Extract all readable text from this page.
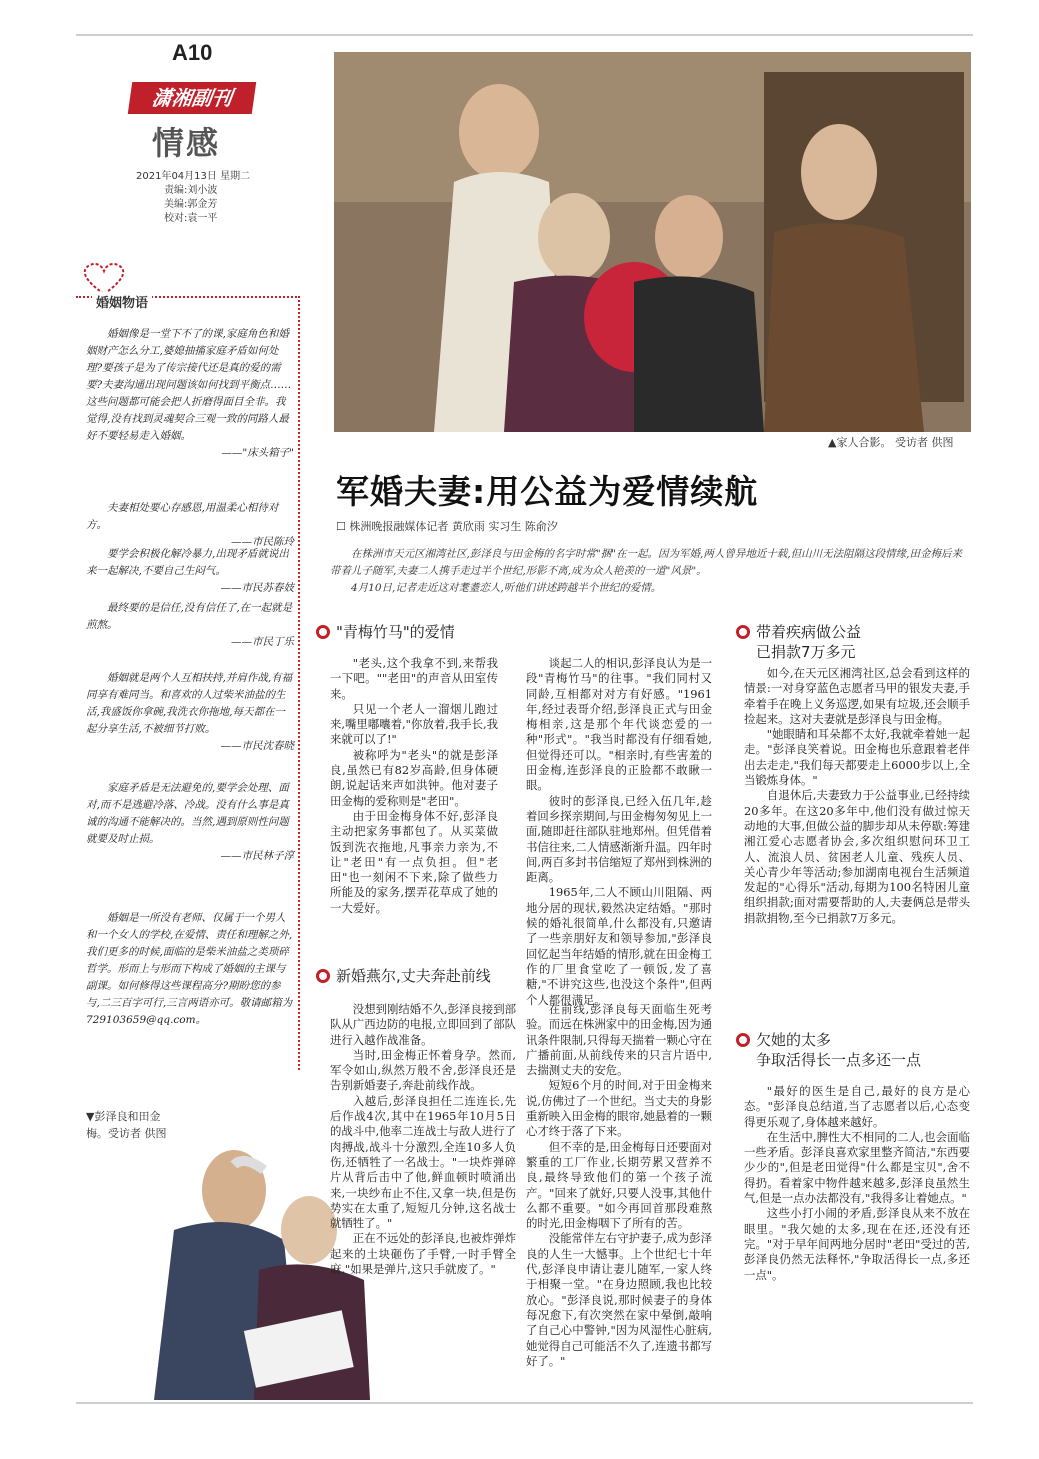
A10
潇湘副刊
情感
2021年04月13日 星期二
责编:刘小波
美编:郭金芳
校对:袁一平
▲家人合影。 受访者 供图
军婚夫妻:用公益为爱情续航
☐ 株洲晚报融媒体记者 黄欣雨 实习生 陈俞汐
在株洲市天元区湘湾社区,彭泽良与田金梅的名字时常"捆"在一起。因为军婚,两人曾异地近十载,但山川无法阻隔这段情缘,田金梅后来带着儿子随军,夫妻二人携手走过半个世纪,形影不离,成为众人艳羡的一道"风景"。
4月10日,记者走近这对耄耋恋人,听他们讲述跨越半个世纪的爱情。
婚姻物语

婚姻像是一堂下不了的课,家庭角色和婚姻财产怎么分工,婆媳抽搐家庭矛盾如何处理?要孩子是为了传宗接代还是真的爱的需要?夫妻沟通出现问题该如何找到平衡点……这些问题都可能会把人折磨得面目全非。我觉得,没有找到灵魂契合三观一致的同路人最好不要轻易走入婚姻。

——"床头箱子"

夫妻相处要心存感恩,用温柔心相待对方。

——市民陈玲

要学会积极化解冷暴力,出现矛盾就说出来一起解决,不要自己生闷气。

——市民苏春妓

最终要的是信任,没有信任了,在一起就是煎熬。

——市民丁乐

婚姻就是两个人互相扶持,并肩作战,有福同享有难同当。和喜欢的人过柴米油盐的生活,我盛饭你拿碗,我洗衣你拖地,每天都在一起分享生活,不被细节打败。

——市民沈春晓

家庭矛盾是无法避免的,要学会处理、面对,而不是逃避冷落、冷战。没有什么事是真诚的沟通不能解决的。当然,遇到原则性问题就要及时止损。

——市民林子淳

婚姻是一所没有老师、仅属于一个男人和一个女人的学校,在爱情、责任和理解之外,我们更多的时候,面临的是柴米油盐之类琐碎哲学。形而上与形而下构成了婚姻的主课与副课。如何修得这些课程高分?期盼您的参与,二三百字可行,三言两语亦可。敬请邮箱为729103659@qq.com。

▼彭泽良和田金梅。受访者 供图
"青梅竹马"的爱情

"老头,这个我拿不到,来帮我一下吧。""老田"的声音从田室传来。

只见一个老人一溜烟儿跑过来,嘴里嘟囔着,"你放着,我手长,我来就可以了!"

被称呼为"老头"的就是彭泽良,虽然已有82岁高龄,但身体硬朗,说起话来声如洪钟。他对妻子田金梅的爱称则是"老田"。

由于田金梅身体不好,彭泽良主动把家务事都包了。从买菜做饭到洗衣拖地,凡事亲力亲为,不让"老田"有一点负担。但"老田"也一刻闲不下来,除了做些力所能及的家务,摆弄花草成了她的一大爱好。

谈起二人的相识,彭泽良认为是一段"青梅竹马"的往事。"我们同村又同龄,互相都对对方有好感。"1961年,经过表哥介绍,彭泽良正式与田金梅相亲,这是那个年代谈恋爱的一种"形式"。"我当时都没有仔细看她,但觉得还可以。"相亲时,有些害羞的田金梅,连彭泽良的正脸都不敢瞅一眼。

彼时的彭泽良,已经入伍几年,趁着回乡探亲期间,与田金梅匆匆见上一面,随即赶往部队驻地郑州。但凭借着书信往来,二人情感渐渐升温。四年时间,两百多封书信缩短了郑州到株洲的距离。

1965年,二人不顾山川阻隔、两地分居的现状,毅然决定结婚。"那时候的婚礼很简单,什么都没有,只邀请了一些亲朋好友和领导参加,"彭泽良回忆起当年结婚的情形,就在田金梅工作的厂里食堂吃了一顿饭,发了喜糖,"不讲究这些,也没这个条件",但两个人都很满足。

新婚燕尔,丈夫奔赴前线

没想到刚结婚不久,彭泽良接到部队从广西边防的电报,立即回到了部队进行入越作战准备。

当时,田金梅正怀着身孕。然而,军令如山,纵然万般不舍,彭泽良还是告别新婚妻子,奔赴前线作战。

入越后,彭泽良担任二连连长,先后作战4次,其中在1965年10月5日的战斗中,他率二连战士与敌人进行了肉搏战,战斗十分激烈,全连10多人负伤,还牺牲了一名战士。"一块炸弹碎片从背后击中了他,鲜血顿时喷涌出来,一块纱布止不住,又拿一块,但是伤势实在太重了,短短几分钟,这名战士就牺牲了。"

正在不远处的彭泽良,也被炸弹炸起来的土块砸伤了手臂,一时手臂全麻,"如果是弹片,这只手就废了。"

在前线,彭泽良每天面临生死考验。而远在株洲家中的田金梅,因为通讯条件限制,只得每天揣着一颗心守在广播前面,从前线传来的只言片语中,去揣测丈夫的安危。

短短6个月的时间,对于田金梅来说,仿佛过了一个世纪。当丈夫的身影重新映入田金梅的眼帘,她悬着的一颗心才终于落了下来。

但不幸的是,田金梅每日还要面对繁重的工厂作业,长期劳累又营养不良,最终导致他们的第一个孩子流产。"回来了就好,只要人没事,其他什么都不重要。"如今再回首那段难熬的时光,田金梅咽下了所有的苦。

没能常伴左右守护妻子,成为彭泽良的人生一大憾事。上个世纪七十年代,彭泽良申请让妻儿随军,一家人终于相聚一堂。"在身边照顾,我也比较放心。"彭泽良说,那时候妻子的身体每况愈下,有次突然在家中晕倒,敲响了自己心中警钟,"因为风湿性心脏病,她觉得自己可能活不久了,连遗书都写好了。"

带着疾病做公益
已捐款7万多元

如今,在天元区湘湾社区,总会看到这样的情景:一对身穿蓝色志愿者马甲的银发夫妻,手牵着手在晚上义务巡逻,如果有垃圾,还会顺手捡起来。这对夫妻就是彭泽良与田金梅。

"她眼睛和耳朵都不太好,我就牵着她一起走。"彭泽良笑着说。田金梅也乐意跟着老伴出去走走,"我们每天都要走上6000步以上,全当锻炼身体。"

自退休后,夫妻致力于公益事业,已经持续20多年。在这20多年中,他们没有做过惊天动地的大事,但做公益的脚步却从未停歇:筹建湘江爱心志愿者协会,多次组织慰问环卫工人、流浪人员、贫困老人儿童、残疾人员、关心青少年等活动;参加湖南电视台生活频道发起的"心得乐"活动,每期为100名特困儿童组织捐款;面对需要帮助的人,夫妻俩总是带头捐款捐物,至今已捐款7万多元。

欠她的太多
争取活得长一点多还一点

"最好的医生是自己,最好的良方是心态。"彭泽良总结道,当了志愿者以后,心态变得更乐观了,身体越来越好。

在生活中,脾性大不相同的二人,也会面临一些矛盾。彭泽良喜欢家里整齐简洁,"东西要少少的",但是老田觉得"什么都是宝贝",舍不得扔。看着家中物件越来越多,彭泽良虽然生气,但是一点办法都没有,"我得多让着她点。"

这些小打小闹的矛盾,彭泽良从来不放在眼里。"我欠她的太多,现在在还,还没有还完。"对于早年间两地分居时"老田"受过的苦,彭泽良仍然无法释怀,"争取活得长一点,多还一点"。
